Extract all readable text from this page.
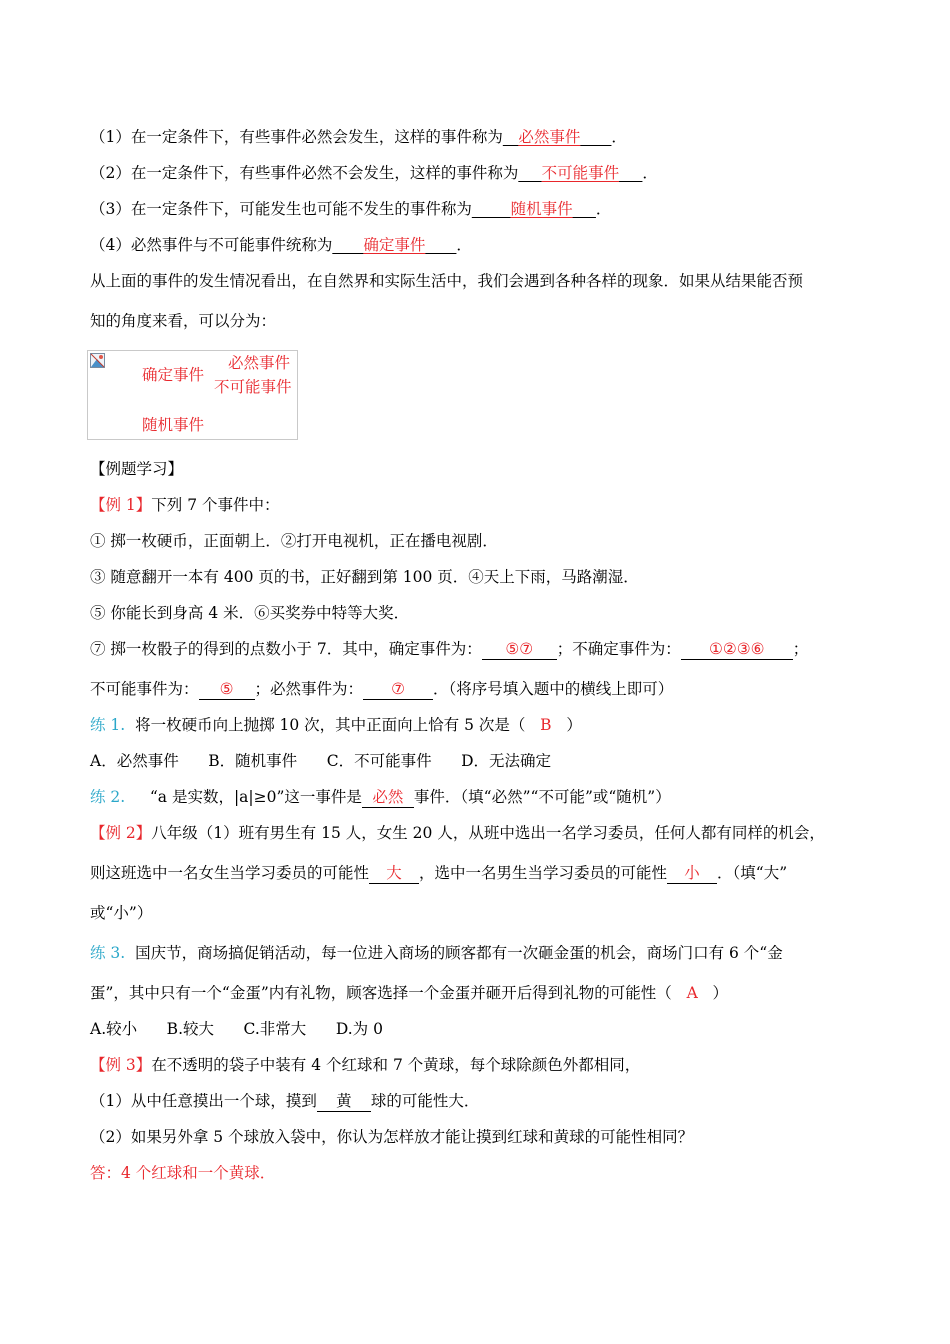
（1）在一定条件下，有些事件必然会发生，这样的事件称为__必然事件____．
（2）在一定条件下，有些事件必然不会发生，这样的事件称为___不可能事件___．
（3）在一定条件下，可能发生也可能不发生的事件称为_____随机事件___．
（4）必然事件与不可能事件统称为____确定事件____．
从上面的事件的发生情况看出，在自然界和实际生活中，我们会遇到各种各样的现象．如果从结果能否预
知的角度来看，可以分为：
确定事件
必然事件
不可能事件
随机事件
【例题学习】
【例 1】下列 7 个事件中：
① 掷一枚硬币，正面朝上．②打开电视机，正在播电视剧．
③ 随意翻开一本有 400 页的书，正好翻到第 100 页．④天上下雨，马路潮湿．
⑤ 你能长到身高 4 米．⑥买奖券中特等大奖．
⑦ 掷一枚骰子的得到的点数小于 7．其中，确定事件为： ⑤⑦ ；不确定事件为： ①②③⑥ ；
不可能事件为： ⑤ ；必然事件为： ⑦ ．（将序号填入题中的横线上即可）
练 1. 将一枚硬币向上抛掷 10 次，其中正面向上恰有 5 次是（ B ）
A．必然事件      B．随机事件      C．不可能事件      D．无法确定
练 2. “a 是实数，|a|≥0”这一事件是 必然 事件．（填“必然”“不可能”或“随机”）
【例 2】八年级（1）班有男生有 15 人，女生 20 人，从班中选出一名学习委员，任何人都有同样的机会，
则这班选中一名女生当学习委员的可能性 大 ，选中一名男生当学习委员的可能性 小 ．（填“大”
或“小”）
练 3. 国庆节，商场搞促销活动，每一位进入商场的顾客都有一次砸金蛋的机会，商场门口有 6 个“金
蛋”，其中只有一个“金蛋”内有礼物，顾客选择一个金蛋并砸开后得到礼物的可能性（ A ）
A.较小      B.较大      C.非常大      D.为 0
【例 3】在不透明的袋子中装有 4 个红球和 7 个黄球，每个球除颜色外都相同，
（1）从中任意摸出一个球，摸到 黄 球的可能性大．
（2）如果另外拿 5 个球放入袋中，你认为怎样放才能让摸到红球和黄球的可能性相同？
答：4 个红球和一个黄球．
